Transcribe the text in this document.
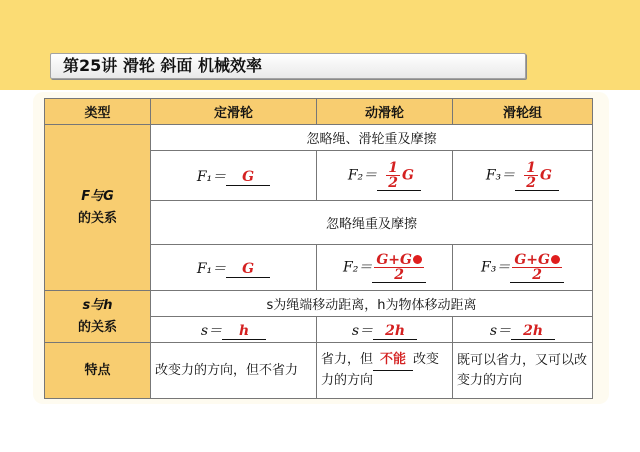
第25讲 滑轮 斜面 机械效率
类型	定滑轮	动滑轮	滑轮组
F与G
的关系	忽略绳、滑轮重及摩擦		
	F₁＝ G	$F_2= \frac{1}{2}$ G	$F_3= \frac{1}{2}$ G
	忽略绳重及摩擦		
	F₁＝ G	$F_2= \frac{G+G}{2}$	$F_3= \frac{G+G}{2}$

s与h
的关系	s为绳端移动距离，h为物体移动距离		
	s＝ h	s＝ 2h	s＝ 2h
特点	改变力的方向，但不省力	省力，但 不能 改变力的方向	既可以省力，又可以改变力的方向
